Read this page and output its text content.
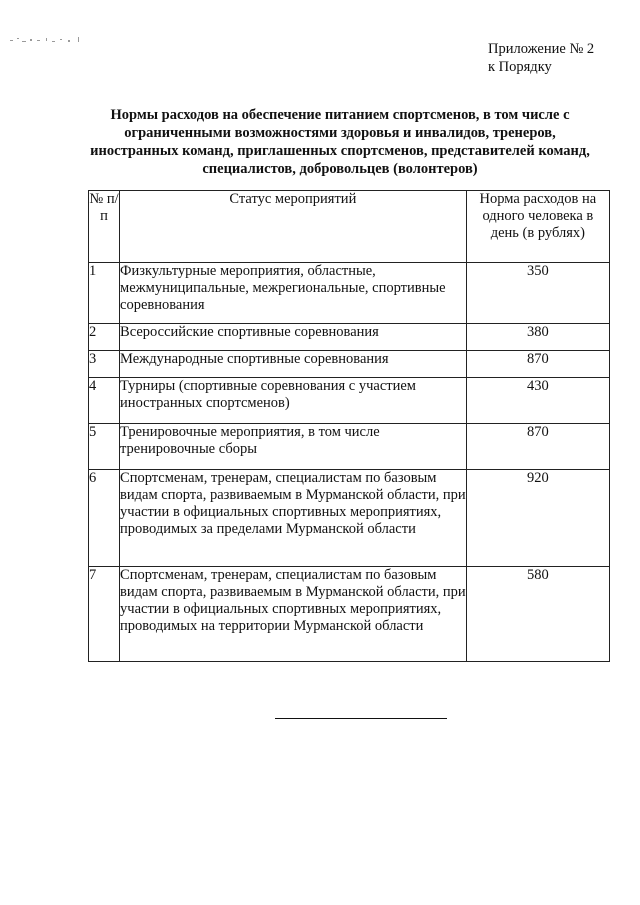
Приложение № 2
к Порядку
Нормы расходов на обеспечение питанием спортсменов, в том числе с ограниченными возможностями здоровья и инвалидов, тренеров, иностранных команд, приглашенных спортсменов, представителей команд, специалистов, добровольцев (волонтеров)
№ п/п	Статус мероприятий	Норма расходов на одного человека в день (в рублях)
1	Физкультурные мероприятия, областные, межмуниципальные, межрегиональные, спортивные соревнования	350
2	Всероссийские спортивные соревнования	380
3	Международные спортивные соревнования	870
4	Турниры (спортивные соревнования с участием иностранных спортсменов)	430
5	Тренировочные мероприятия, в том числе тренировочные сборы	870
6	Спортсменам, тренерам, специалистам по базовым видам спорта, развиваемым в Мурманской области, при участии в официальных спортивных мероприятиях, проводимых за пределами Мурманской области	920
7	Спортсменам, тренерам, специалистам по базовым видам спорта, развиваемым в Мурманской области, при участии в официальных спортивных мероприятиях, проводимых на территории Мурманской области	580
